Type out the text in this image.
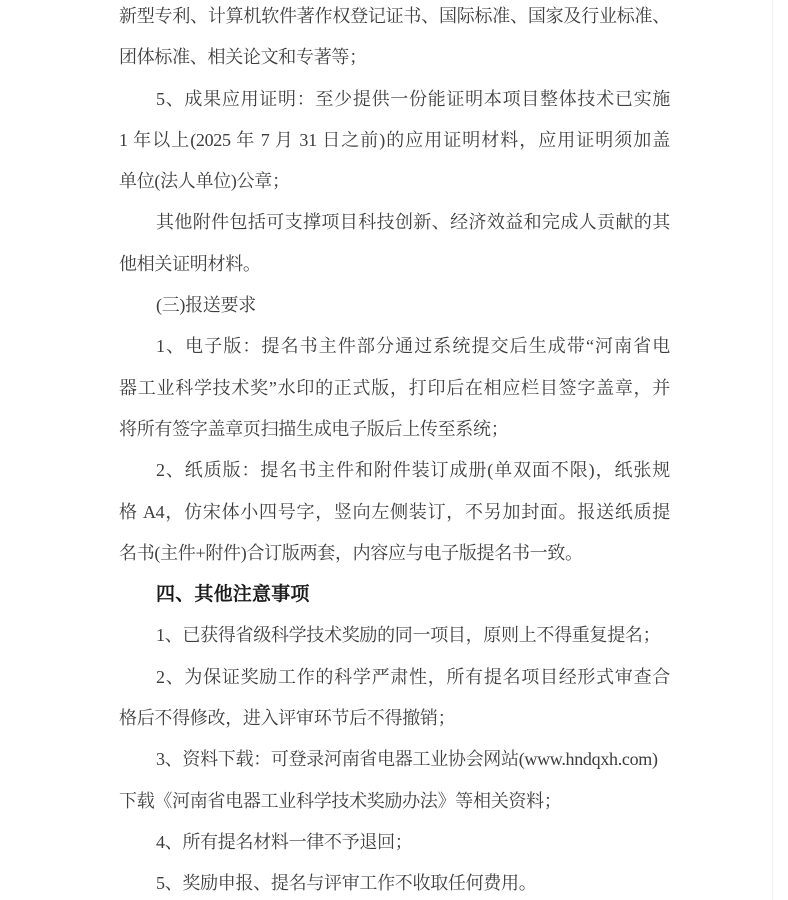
新型专利、计算机软件著作权登记证书、国际标准、国家及行业标准、
团体标准、相关论文和专著等；
5、成果应用证明：至少提供一份能证明本项目整体技术已实施
1 年以上(2025 年 7 月 31 日之前)的应用证明材料，应用证明须加盖
单位(法人单位)公章；
其他附件包括可支撑项目科技创新、经济效益和完成人贡献的其
他相关证明材料。
(三)报送要求
1、电子版：提名书主件部分通过系统提交后生成带“河南省电
器工业科学技术奖”水印的正式版，打印后在相应栏目签字盖章，并
将所有签字盖章页扫描生成电子版后上传至系统；
2、纸质版：提名书主件和附件装订成册(单双面不限)，纸张规
格 A4，仿宋体小四号字，竖向左侧装订，不另加封面。报送纸质提
名书(主件+附件)合订版两套，内容应与电子版提名书一致。
四、其他注意事项
1、已获得省级科学技术奖励的同一项目，原则上不得重复提名；
2、为保证奖励工作的科学严肃性，所有提名项目经形式审查合
格后不得修改，进入评审环节后不得撤销；
3、资料下载：可登录河南省电器工业协会网站(www.hndqxh.com)
下载《河南省电器工业科学技术奖励办法》等相关资料；
4、所有提名材料一律不予退回；
5、奖励申报、提名与评审工作不收取任何费用。
